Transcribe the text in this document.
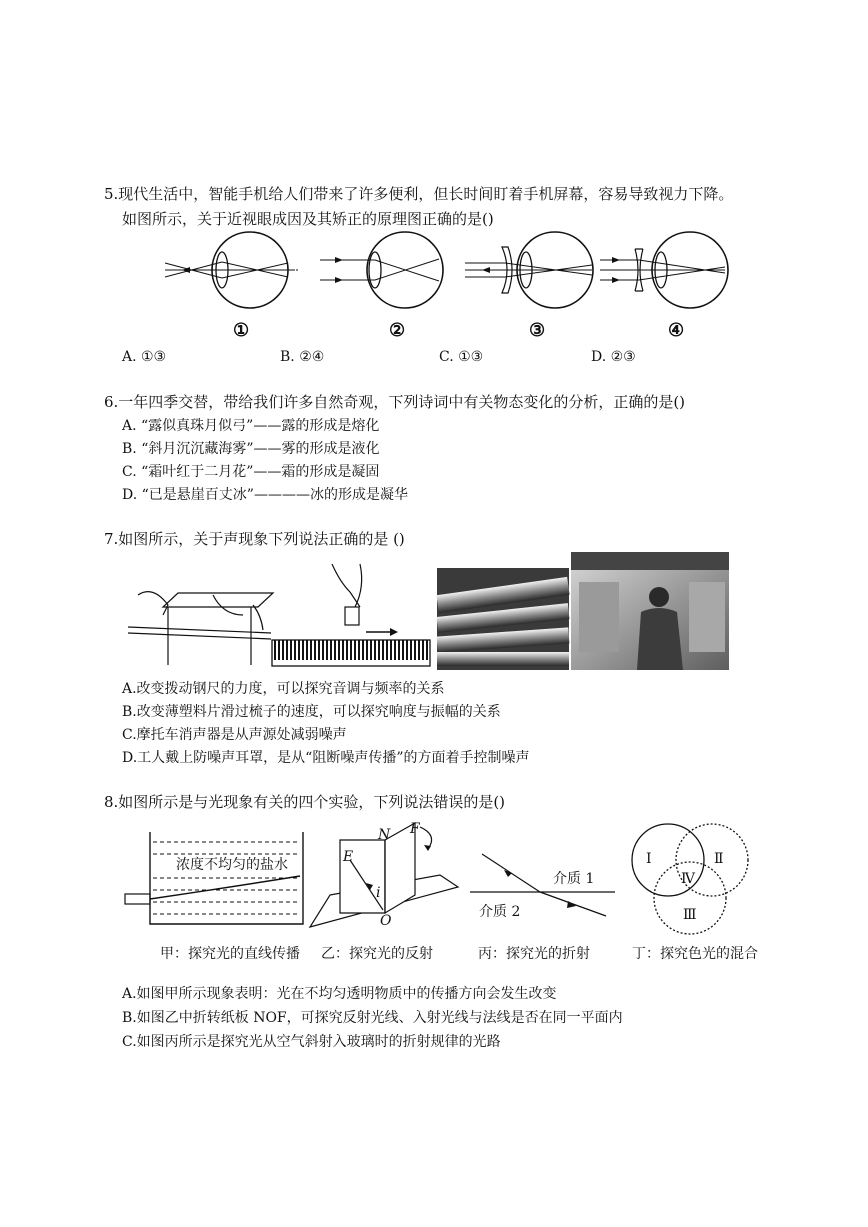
5.现代生活中，智能手机给人们带来了许多便利，但长时间盯着手机屏幕，容易导致视力下降。
如图所示，关于近视眼成因及其矫正的原理图正确的是()
①	②	③	④
A. ①③	B. ②④	C. ①③	D. ②③
6.一年四季交替，带给我们许多自然奇观，下列诗词中有关物态变化的分析，正确的是()
A. “露似真珠月似弓”——露的形成是熔化
B. “斜月沉沉藏海雾”——雾的形成是液化
C. “霜叶红于二月花”——霜的形成是凝固
D. “已是悬崖百丈冰”————冰的形成是凝华
7.如图所示，关于声现象下列说法正确的是 ()
A.改变拨动钢尺的力度，可以探究音调与频率的关系
B.改变薄塑料片滑过梳子的速度，可以探究响度与振幅的关系
C.摩托车消声器是从声源处减弱噪声
D.工人戴上防噪声耳罩，是从“阻断噪声传播”的方面着手控制噪声
8.如图所示是与光现象有关的四个实验，下列说法错误的是()
浓度不均匀的盐水
N F
E
i
O
介质 1
介质 2
I	Ⅱ
Ⅳ
Ⅲ
甲：探究光的直线传播 乙：探究光的反射	丙：探究光的折射	丁：探究色光的混合
A.如图甲所示现象表明：光在不均匀透明物质中的传播方向会发生改变
B.如图乙中折转纸板 NOF，可探究反射光线、入射光线与法线是否在同一平面内
C.如图丙所示是探究光从空气斜射入玻璃时的折射规律的光路
